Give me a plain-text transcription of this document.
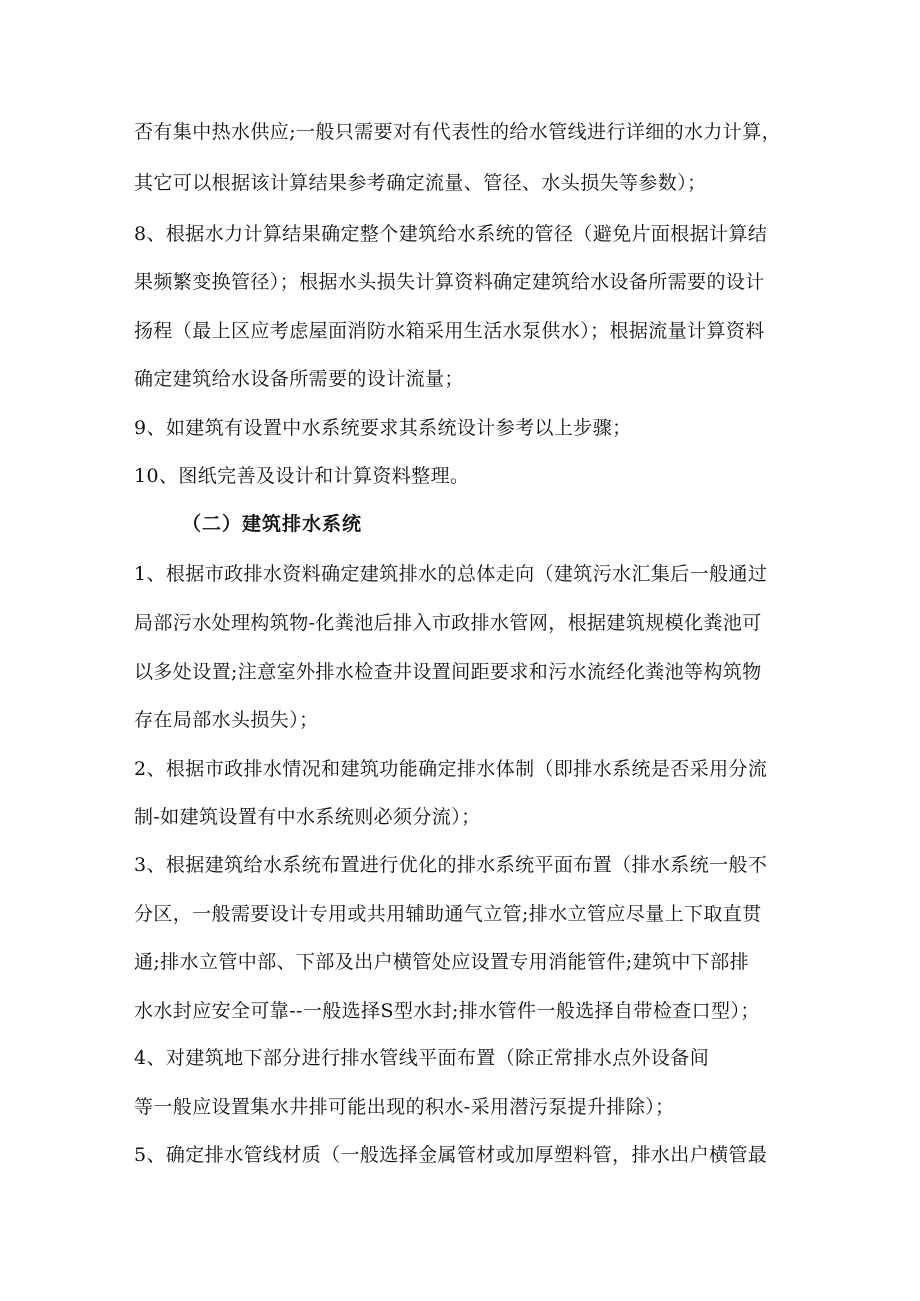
否有集中热水供应;一般只需要对有代表性的给水管线进行详细的水力计算，
其它可以根据该计算结果参考确定流量、管径、水头损失等参数）；
8、根据水力计算结果确定整个建筑给水系统的管径（避免片面根据计算结
果频繁变换管径）；根据水头损失计算资料确定建筑给水设备所需要的设计
扬程（最上区应考虑屋面消防水箱采用生活水泵供水）；根据流量计算资料
确定建筑给水设备所需要的设计流量；
9、如建筑有设置中水系统要求其系统设计参考以上步骤；
10、图纸完善及设计和计算资料整理。
（二）建筑排水系统
1、根据市政排水资料确定建筑排水的总体走向（建筑污水汇集后一般通过
局部污水处理构筑物-化粪池后排入市政排水管网，根据建筑规模化粪池可
以多处设置;注意室外排水检查井设置间距要求和污水流经化粪池等构筑物
存在局部水头损失）；
2、根据市政排水情况和建筑功能确定排水体制（即排水系统是否采用分流
制-如建筑设置有中水系统则必须分流）；
3、根据建筑给水系统布置进行优化的排水系统平面布置（排水系统一般不
分区，一般需要设计专用或共用辅助通气立管;排水立管应尽量上下取直贯
通;排水立管中部、下部及出户横管处应设置专用消能管件;建筑中下部排
水水封应安全可靠--一般选择S型水封;排水管件一般选择自带检查口型）；
4、对建筑地下部分进行排水管线平面布置（除正常排水点外设备间
等一般应设置集水井排可能出现的积水-采用潜污泵提升排除）；
5、确定排水管线材质（一般选择金属管材或加厚塑料管，排水出户横管最
